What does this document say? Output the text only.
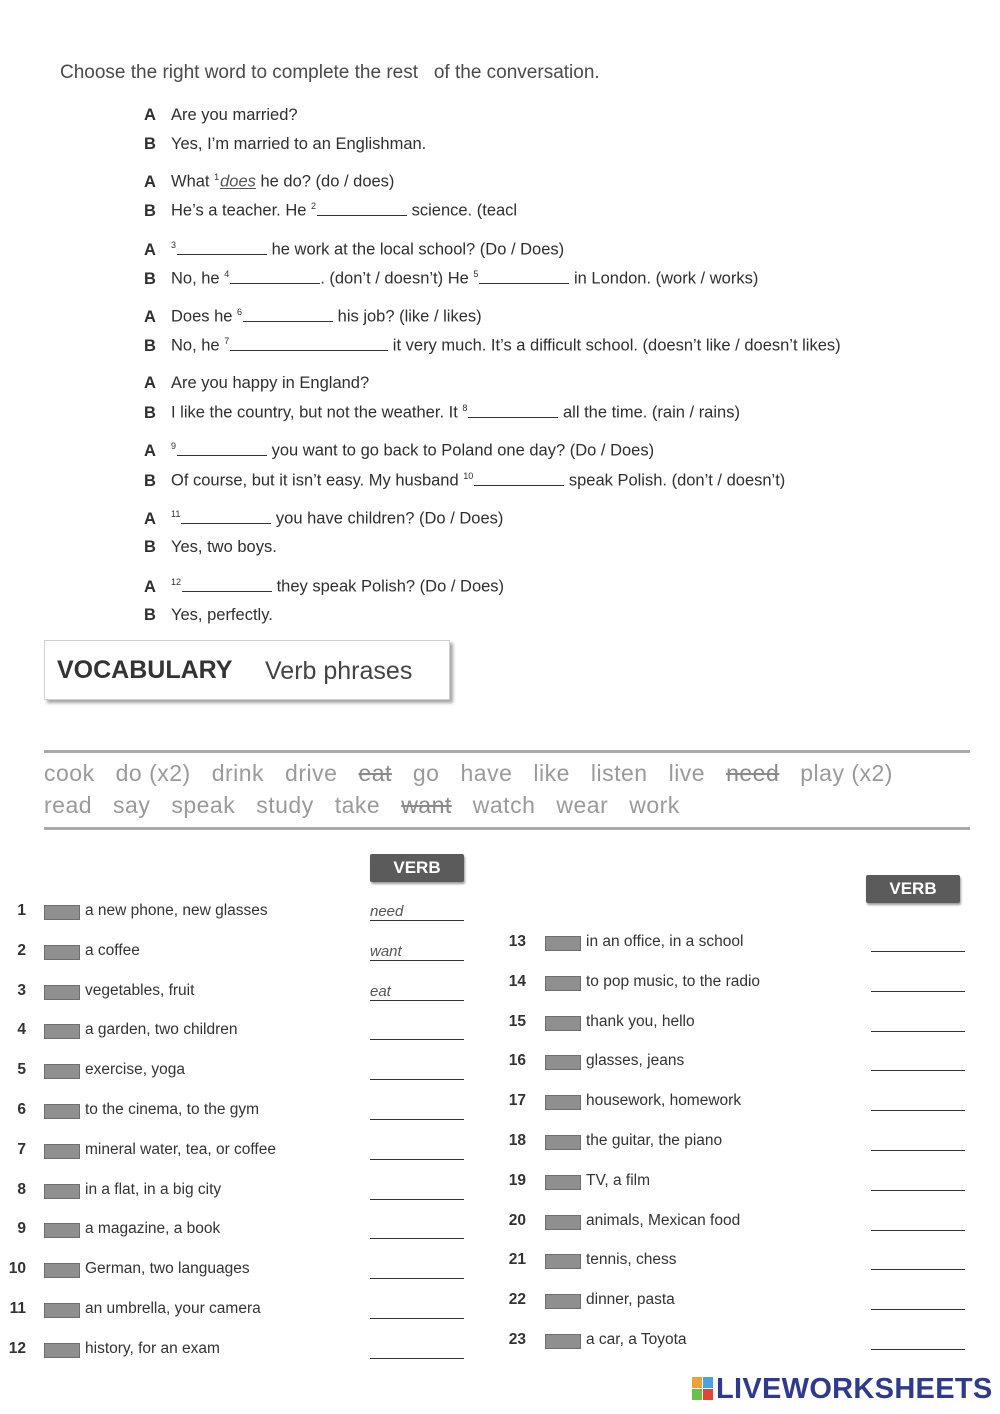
Choose the right word to complete the rest   of the conversation.
A Are you married?
B Yes, I’m married to an Englishman.
A What $^1$does he do? (do / does)
B He’s a teacher. He $^2$	science. (teacl
A $^3$	he work at the local school? (Do / Does)
B No, he $^4$	. (don’t / doesn’t) He $^5$	in London. (work / works)
A Does he $^6$	his job? (like / likes)
B No, he $^7$	it very much. It’s a difficult school. (doesn’t like / doesn’t likes)
A Are you happy in England?
B I like the country, but not the weather. It $^8$	all the time. (rain / rains)
A $^9$	you want to go back to Poland one day? (Do / Does)
B Of course, but it isn’t easy. My husband $^{10}$	speak Polish. (don’t / doesn’t)
A $^{11}$	you have children? (Do / Does)
B Yes, two boys.
A $^{12}$	they speak Polish? (Do / Does)
B Yes, perfectly.
VOCABULARY Verb phrases
cook do (x2) drink drive eat go have like listen live need play (x2)
read say speak study take want watch wear work
VERB
VERB
1	a new phone, new glasses	need
2	a coffee	want
3	vegetables, fruit	eat
4	a garden, two children
5	exercise, yoga
6	to the cinema, to the gym
7	mineral water, tea, or coffee
8	in a flat, in a big city
9	a magazine, a book
10	German, two languages
11	an umbrella, your camera
12	history, for an exam
13	in an office, in a school
14	to pop music, to the radio
15	thank you, hello
16	glasses, jeans
17	housework, homework
18	the guitar, the piano
19	TV, a film
20	animals, Mexican food
21	tennis, chess
22	dinner, pasta
23	a car, a Toyota
LIVEWORKSHEETS
